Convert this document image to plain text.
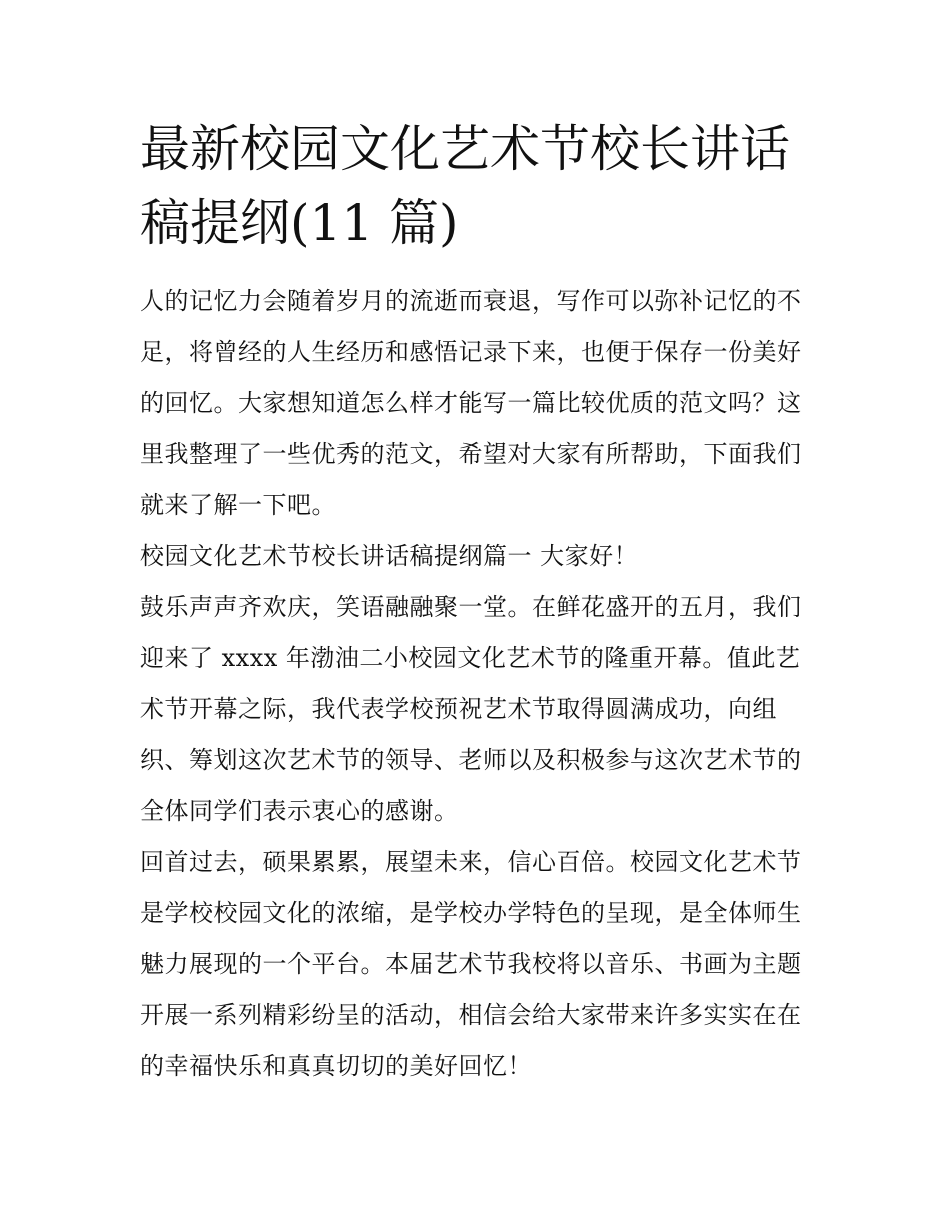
最新校园文化艺术节校长讲话
稿提纲(11 篇)

人的记忆力会随着岁月的流逝而衰退，写作可以弥补记忆的不

足，将曾经的人生经历和感悟记录下来，也便于保存一份美好

的回忆。大家想知道怎么样才能写一篇比较优质的范文吗？这

里我整理了一些优秀的范文，希望对大家有所帮助，下面我们

就来了解一下吧。

校园文化艺术节校长讲话稿提纲篇一 大家好！

鼓乐声声齐欢庆，笑语融融聚一堂。在鲜花盛开的五月，我们

迎来了 xxxx 年渤油二小校园文化艺术节的隆重开幕。值此艺

术节开幕之际，我代表学校预祝艺术节取得圆满成功，向组

织、筹划这次艺术节的领导、老师以及积极参与这次艺术节的

全体同学们表示衷心的感谢。

回首过去，硕果累累，展望未来，信心百倍。校园文化艺术节

是学校校园文化的浓缩，是学校办学特色的呈现，是全体师生

魅力展现的一个平台。本届艺术节我校将以音乐、书画为主题

开展一系列精彩纷呈的活动，相信会给大家带来许多实实在在

的幸福快乐和真真切切的美好回忆！
